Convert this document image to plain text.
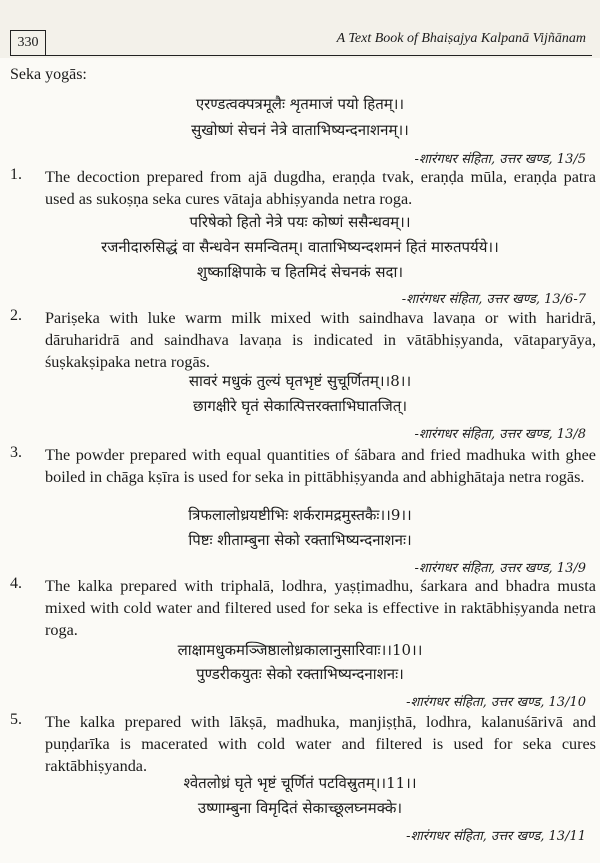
330	A Text Book of Bhaiṣajya Kalpanā Vijñānam
Seka yogās:
एरण्डत्वक्पत्रमूलैः शृतमाजं पयो हितम्।।
सुखोष्णं सेचनं नेत्रे वाताभिष्यन्दनाशनम्।।
-शारंगधर संहिता, उत्तर खण्ड, 13/5
1. The decoction prepared from ajā dugdha, eraṇḍa tvak, eraṇḍa mūla, eraṇḍa patra used as sukoṣṇa seka cures vātaja abhiṣyanda netra roga.
परिषेको हितो नेत्रे पयः कोष्णं ससैन्धवम्।।
रजनीदारुसिद्धं वा सैन्धवेन समन्वितम्। वाताभिष्यन्दशमनं हितं मारुतपर्यये।।
शुष्काक्षिपाके च हितमिदं सेचनकं सदा।
-शारंगधर संहिता, उत्तर खण्ड, 13/6-7
2. Pariṣeka with luke warm milk mixed with saindhava lavaṇa or with haridrā, dāruharidrā and saindhava lavaṇa is indicated in vātābhiṣyanda, vātaparyāya, śuṣkakṣipaka netra rogās.
सावरं मधुकं तुल्यं घृतभृष्टं सुचूर्णितम्।।8।।
छागक्षीरे घृतं सेकात्पित्तरक्ताभिघातजित्।
-शारंगधर संहिता, उत्तर खण्ड, 13/8
3. The powder prepared with equal quantities of śābara and fried madhuka with ghee boiled in chāga kṣīra is used for seka in pittābhiṣyanda and abhighātaja netra rogās.
त्रिफलालोध्रयष्टीभिः शर्करामद्रमुस्तकैः।।9।।
पिष्टः शीताम्बुना सेको रक्ताभिष्यन्दनाशनः।
-शारंगधर संहिता, उत्तर खण्ड, 13/9
4. The kalka prepared with triphalā, lodhra, yaṣṭimadhu, śarkara and bhadra musta mixed with cold water and filtered used for seka is effective in raktābhiṣyanda netra roga.
लाक्षामधुकमञ्जिष्ठालोध्रकालानुसारिवाः।।10।।
पुण्डरीकयुतः सेको रक्ताभिष्यन्दनाशनः।
-शारंगधर संहिता, उत्तर खण्ड, 13/10
5. The kalka prepared with lākṣā, madhuka, manjiṣṭhā, lodhra, kalanuśārivā and puṇḍarīka is macerated with cold water and filtered is used for seka cures raktābhiṣyanda.
श्वेतलोध्रं घृते भृष्टं चूर्णितं पटविस्रुतम्।।11।।
उष्णाम्बुना विमृदितं सेकाच्छूलघ्नमक्के।
-शारंगधर संहिता, उत्तर खण्ड, 13/11
